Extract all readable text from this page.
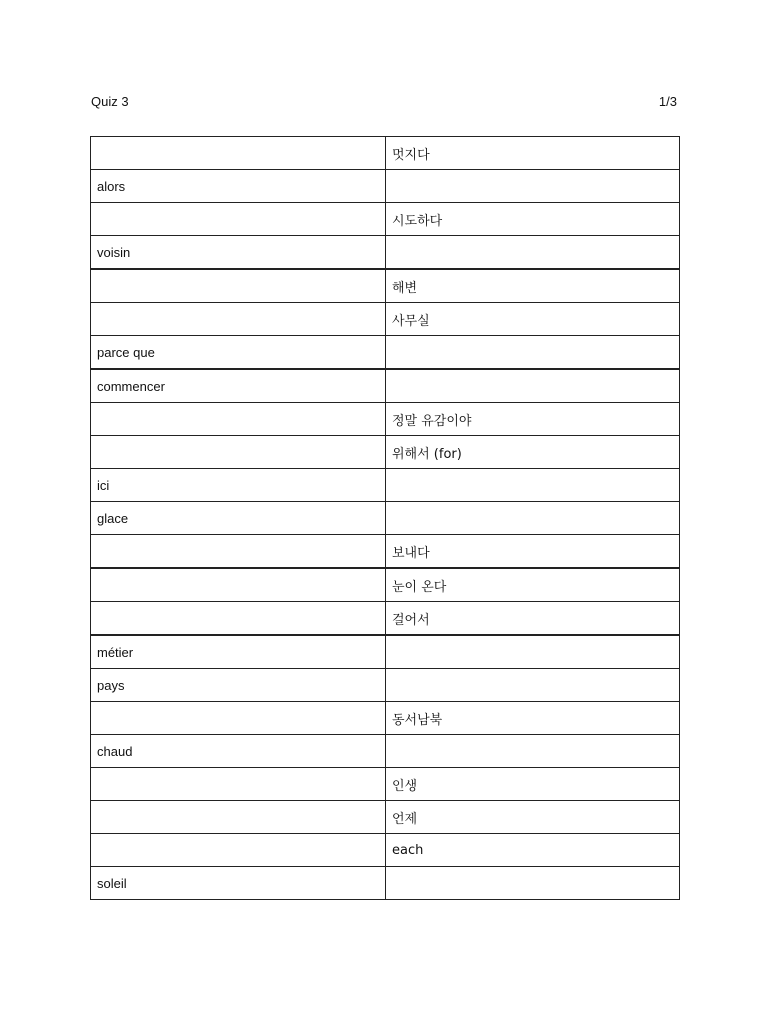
Quiz 3	1/3
	멋지다
alors	
	시도하다
voisin	
	해변
	사무실
parce que	
commencer	
	정말 유감이야
	위해서 (for)
ici	
glace	
	보내다
	눈이 온다
	걸어서
métier	
pays	
	동서남북
chaud	
	인생
	언제
	each
soleil	
